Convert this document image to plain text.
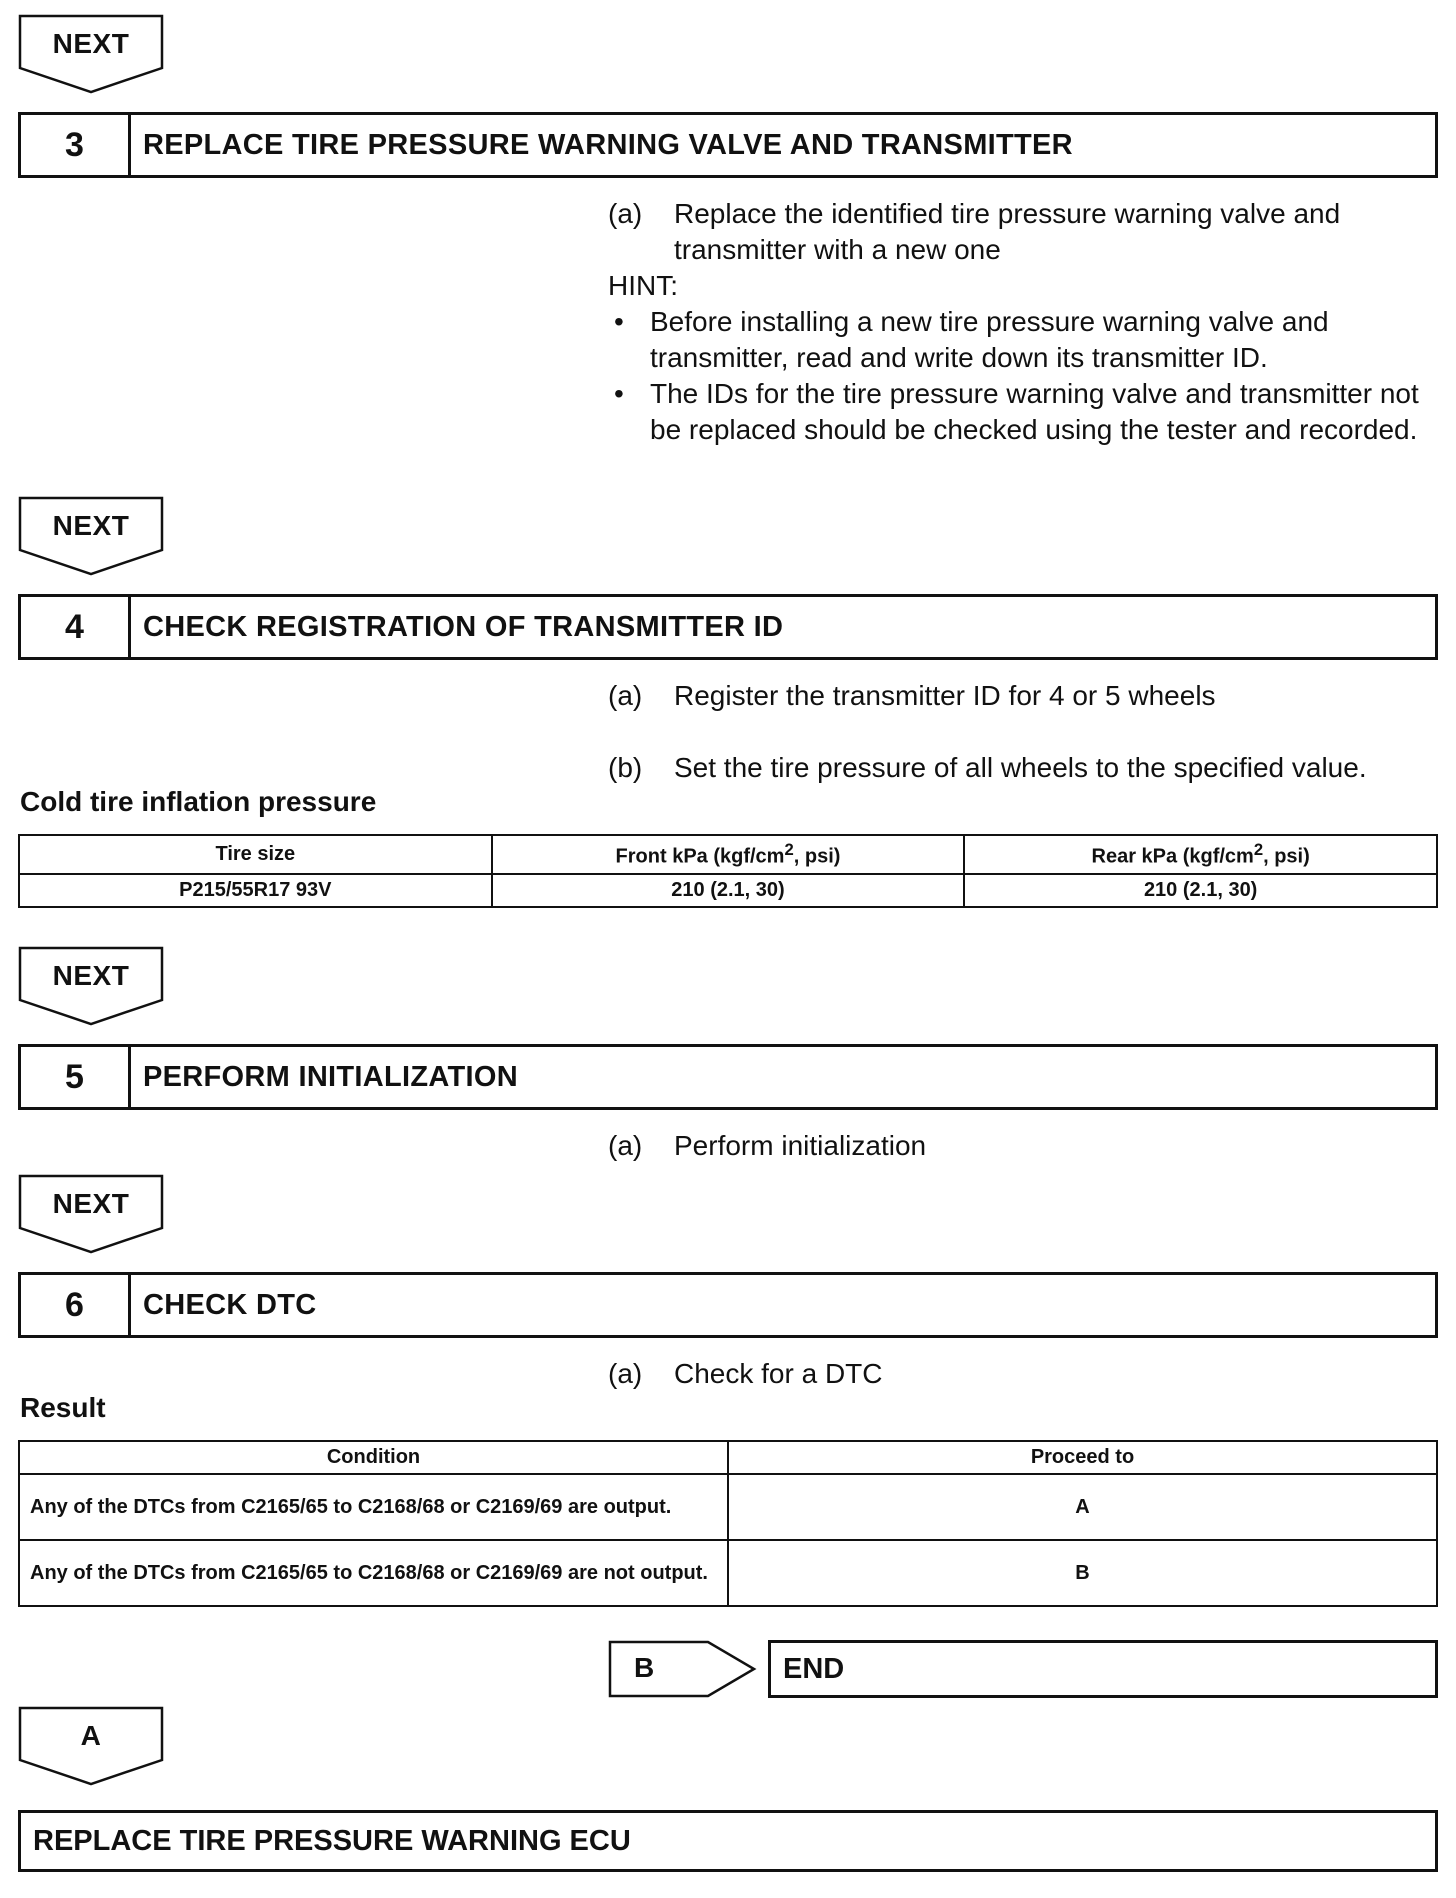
NEXT
3	REPLACE TIRE PRESSURE WARNING VALVE AND TRANSMITTER
(a) Replace the identified tire pressure warning valve and transmitter with a new one
HINT:
• Before installing a new tire pressure warning valve and transmitter, read and write down its transmitter ID.
• The IDs for the tire pressure warning valve and transmitter not be replaced should be checked using the tester and recorded.
NEXT
4	CHECK REGISTRATION OF TRANSMITTER ID
(a) Register the transmitter ID for 4 or 5 wheels
(b) Set the tire pressure of all wheels to the specified value.
Cold tire inflation pressure
Tire size	Front kPa ($kgf/cm^2$, psi)	Rear kPa ($kgf/cm^2$, psi)
P215/55R17 93V	210 (2.1, 30)	210 (2.1, 30)
NEXT
5	PERFORM INITIALIZATION
(a) Perform initialization
NEXT
6	CHECK DTC
(a) Check for a DTC
Result
Condition	Proceed to
Any of the DTCs from C2165/65 to C2168/68 or C2169/69 are output.	A
Any of the DTCs from C2165/65 to C2168/68 or C2169/69 are not output.	B
B	END
A
REPLACE TIRE PRESSURE WARNING ECU
